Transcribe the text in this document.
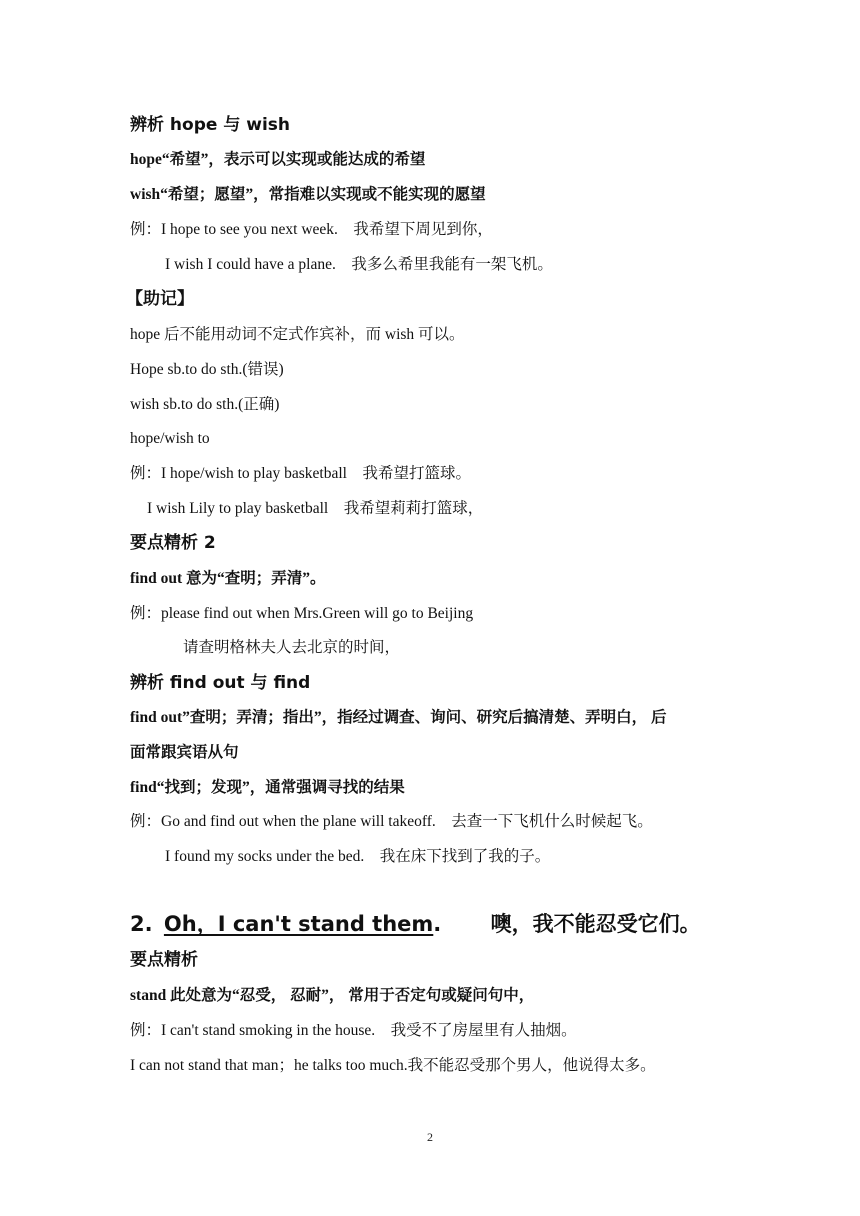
辨析 hope 与 wish
hope“希望”，表示可以实现或能达成的希望
wish“希望；愿望”，常指难以实现或不能实现的愿望
例：I hope to see you next week.　我希望下周见到你，
I wish I could have a plane.　我多么希里我能有一架飞机。
【助记】
hope 后不能用动词不定式作宾补，而 wish 可以。
Hope sb.to do sth.(错误)
wish sb.to do sth.(正确)
hope/wish to
例：I hope/wish to play basketball　我希望打篮球。
I wish Lily to play basketball　我希望莉莉打篮球，
要点精析 2
find out 意为“查明；弄清”。
例：please find out when Mrs.Green will go to Beijing
请查明格林夫人去北京的时间，
辨析 find out 与 find
find out”查明；弄清；指出”，指经过调查、询问、研究后搞清楚、弄明白， 后
面常跟宾语从句
find“找到；发现”，通常强调寻找的结果
例：Go and find out when the plane will takeoff.　去查一下飞机什么时候起飞。
I found my socks under the bed.　我在床下找到了我的子。
2. Oh，I can't stand them. 噢，我不能忍受它们。
要点精析
stand 此处意为“忍受， 忍耐”， 常用于否定句或疑问句中，
例：I can't stand smoking in the house.　我受不了房屋里有人抽烟。
I can not stand that man；he talks too much.我不能忍受那个男人，他说得太多。
2
